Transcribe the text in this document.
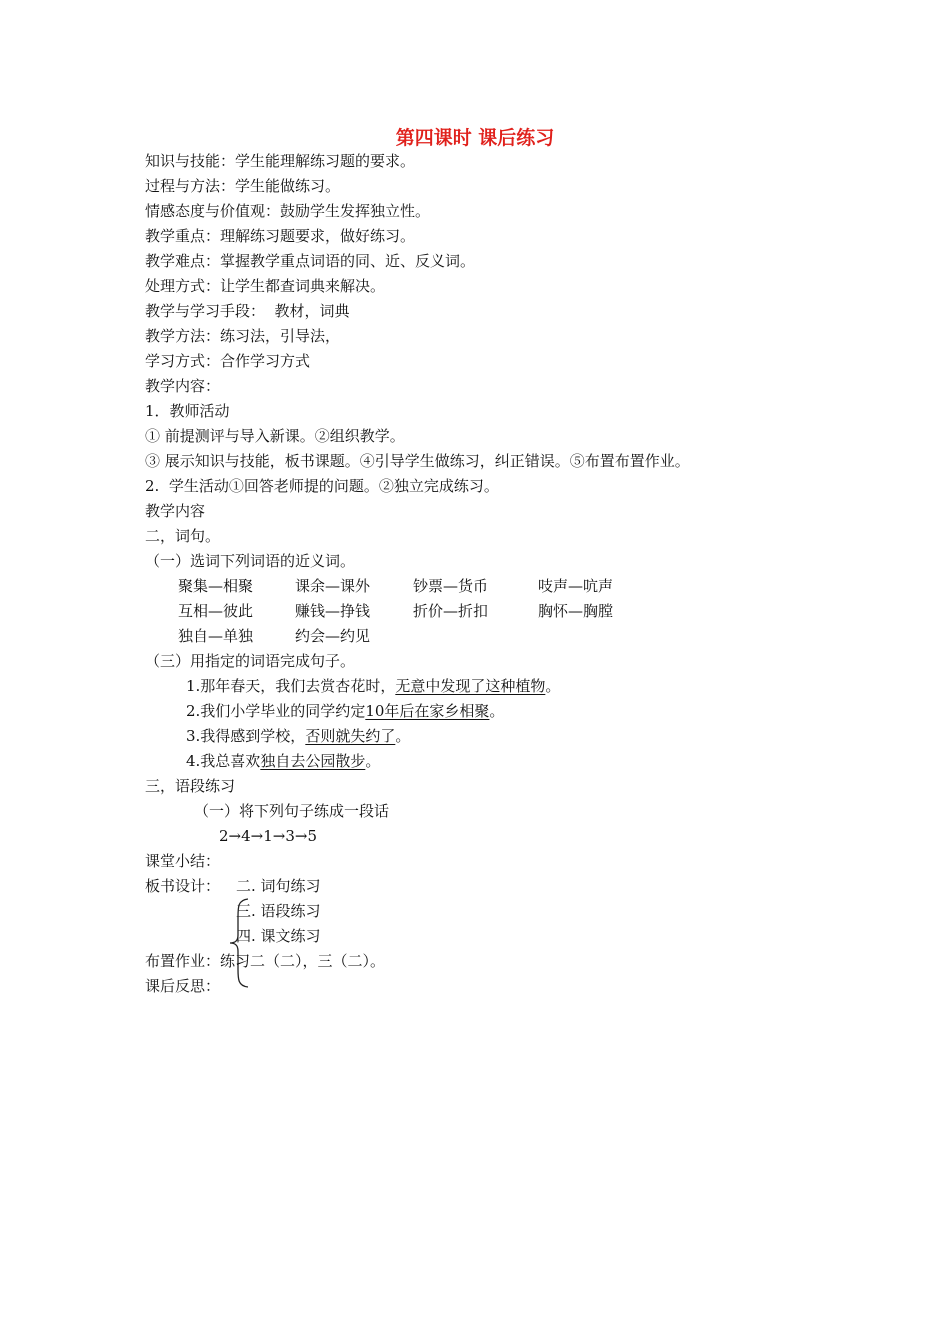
第四课时 课后练习
知识与技能：学生能理解练习题的要求。
过程与方法：学生能做练习。
情感态度与价值观：鼓励学生发挥独立性。
教学重点：理解练习题要求，做好练习。
教学难点：掌握教学重点词语的同、近、反义词。
处理方式：让学生都查词典来解决。
教学与学习手段：  教材，词典
教学方法：练习法，引导法，
学习方式：合作学习方式
教学内容：
1．教师活动
① 前提测评与导入新课。②组织教学。
③ 展示知识与技能，板书课题。④引导学生做练习，纠正错误。⑤布置布置作业。
2.  学生活动①回答老师提的问题。②独立完成练习。
教学内容
二，词句。
（一）选词下列词语的近义词。
聚集—相聚	课余—课外	钞票—货币	吱声—吭声
互相—彼此	赚钱—挣钱	折价—折扣	胸怀—胸膛
独自—单独	约会—约见
（三）用指定的词语完成句子。
1.那年春天，我们去赏杏花时，无意中发现了这种植物。
2.我们小学毕业的同学约定10年后在家乡相聚。
3.我得感到学校，否则就失约了。
4.我总喜欢独自去公园散步。
三，语段练习
（一）将下列句子练成一段话
2→4→1→3→5
课堂小结：
板书设计： 二. 词句练习
三. 语段练习
四. 课文练习
布置作业：练习二（二），三（二）。
课后反思：
